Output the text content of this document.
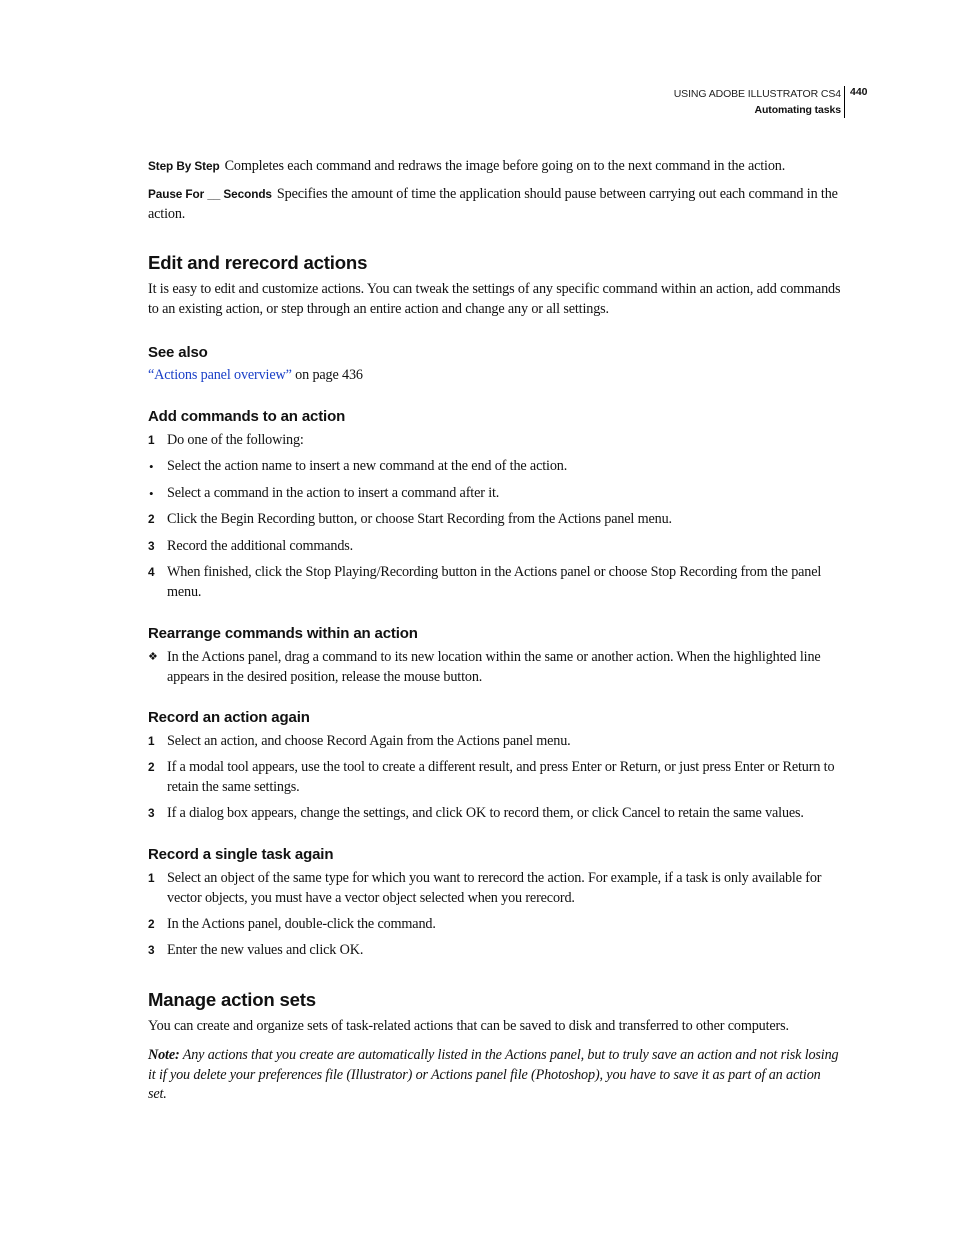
USING ADOBE ILLUSTRATOR CS4
Automating tasks
440
Step By Step Completes each command and redraws the image before going on to the next command in the action.
Pause For __ Seconds Specifies the amount of time the application should pause between carrying out each command in the action.
Edit and rerecord actions
It is easy to edit and customize actions. You can tweak the settings of any specific command within an action, add commands to an existing action, or step through an entire action and change any or all settings.
See also
“Actions panel overview” on page 436
Add commands to an action
1 Do one of the following:
• Select the action name to insert a new command at the end of the action.
• Select a command in the action to insert a command after it.
2 Click the Begin Recording button, or choose Start Recording from the Actions panel menu.
3 Record the additional commands.
4 When finished, click the Stop Playing/Recording button in the Actions panel or choose Stop Recording from the panel menu.
Rearrange commands within an action
❖ In the Actions panel, drag a command to its new location within the same or another action. When the highlighted line appears in the desired position, release the mouse button.
Record an action again
1 Select an action, and choose Record Again from the Actions panel menu.
2 If a modal tool appears, use the tool to create a different result, and press Enter or Return, or just press Enter or Return to retain the same settings.
3 If a dialog box appears, change the settings, and click OK to record them, or click Cancel to retain the same values.
Record a single task again
1 Select an object of the same type for which you want to rerecord the action. For example, if a task is only available for vector objects, you must have a vector object selected when you rerecord.
2 In the Actions panel, double-click the command.
3 Enter the new values and click OK.
Manage action sets
You can create and organize sets of task-related actions that can be saved to disk and transferred to other computers.
Note: Any actions that you create are automatically listed in the Actions panel, but to truly save an action and not risk losing it if you delete your preferences file (Illustrator) or Actions panel file (Photoshop), you have to save it as part of an action set.
